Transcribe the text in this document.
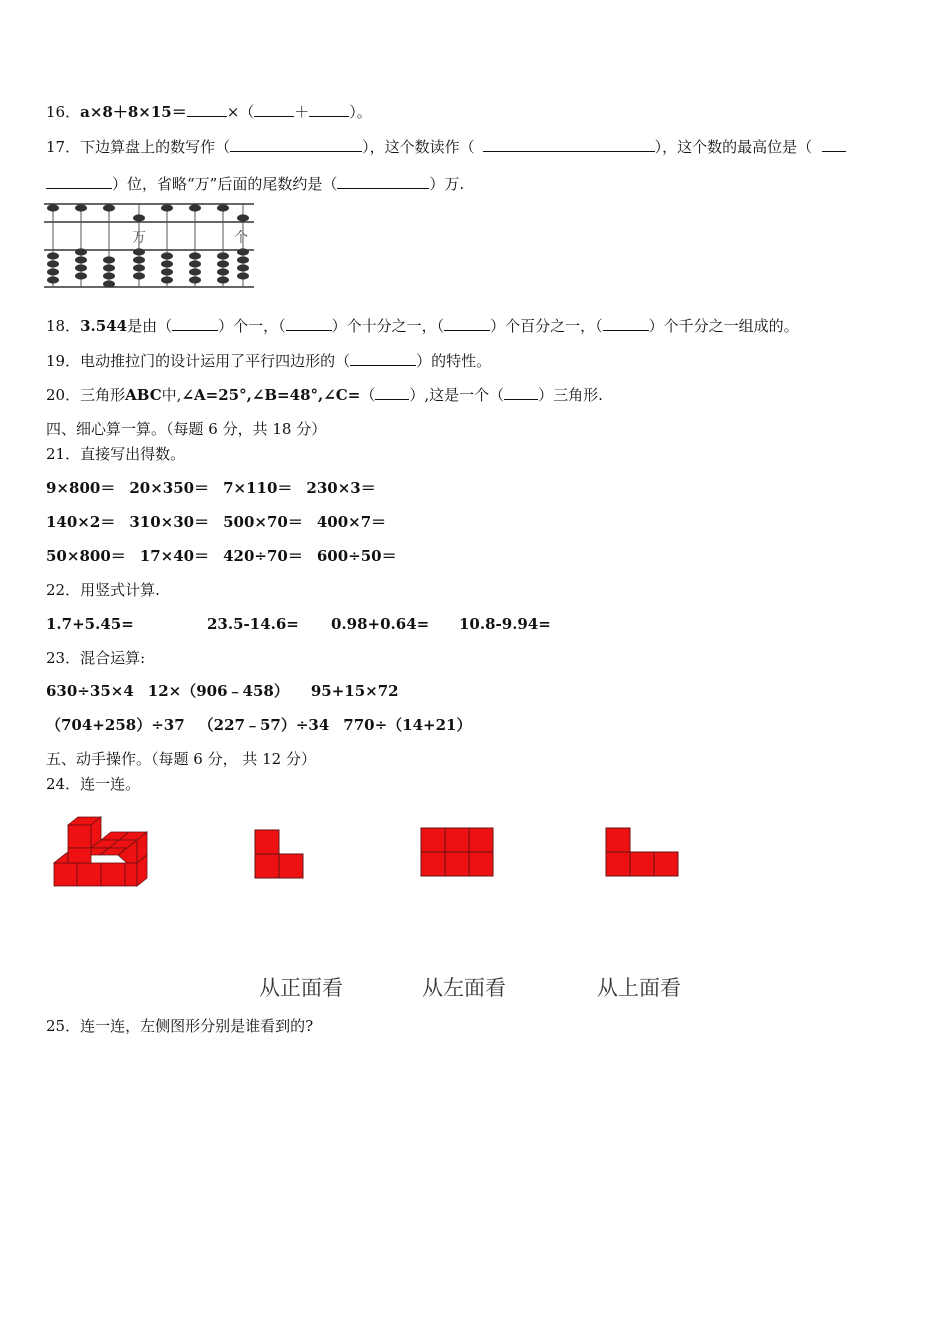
16．a×8＋8×15＝	×（	＋	）。
17．下边算盘上的数写作（	），这个数读作（	），这个数的最高位是（
）位，省略“万”后面的尾数约是（	）万.
万	个
18．3.544是由（	）个一，（	）个十分之一，（	）个百分之一，（	）个千分之一组成的。
19．电动推拉门的设计运用了平行四边形的（	）的特性。
20．三角形ABC中,∠A=25°,∠B=48°,∠C=（ ）,这是一个（ ）三角形.
四、细心算一算。（每题 6 分，共 18 分）
21．直接写出得数。
9×800＝ 20×350＝ 7×110＝ 230×3＝
140×2＝ 310×30＝ 500×70＝ 400×7＝
50×800＝ 17×40＝ 420÷70＝ 600÷50＝
22．用竖式计算.
1.7+5.45=	23.5-14.6= 0.98+0.64= 10.8-9.94=
23．混合运算:
630÷35×4 12×（906﹣458） 95+15×72
（704+258）÷37 （227﹣57）÷34 770÷（14+21）
五、动手操作。（每题 6 分， 共 12 分）
24．连一连。
从正面看	从左面看	从上面看
25．连一连，左侧图形分别是谁看到的?
